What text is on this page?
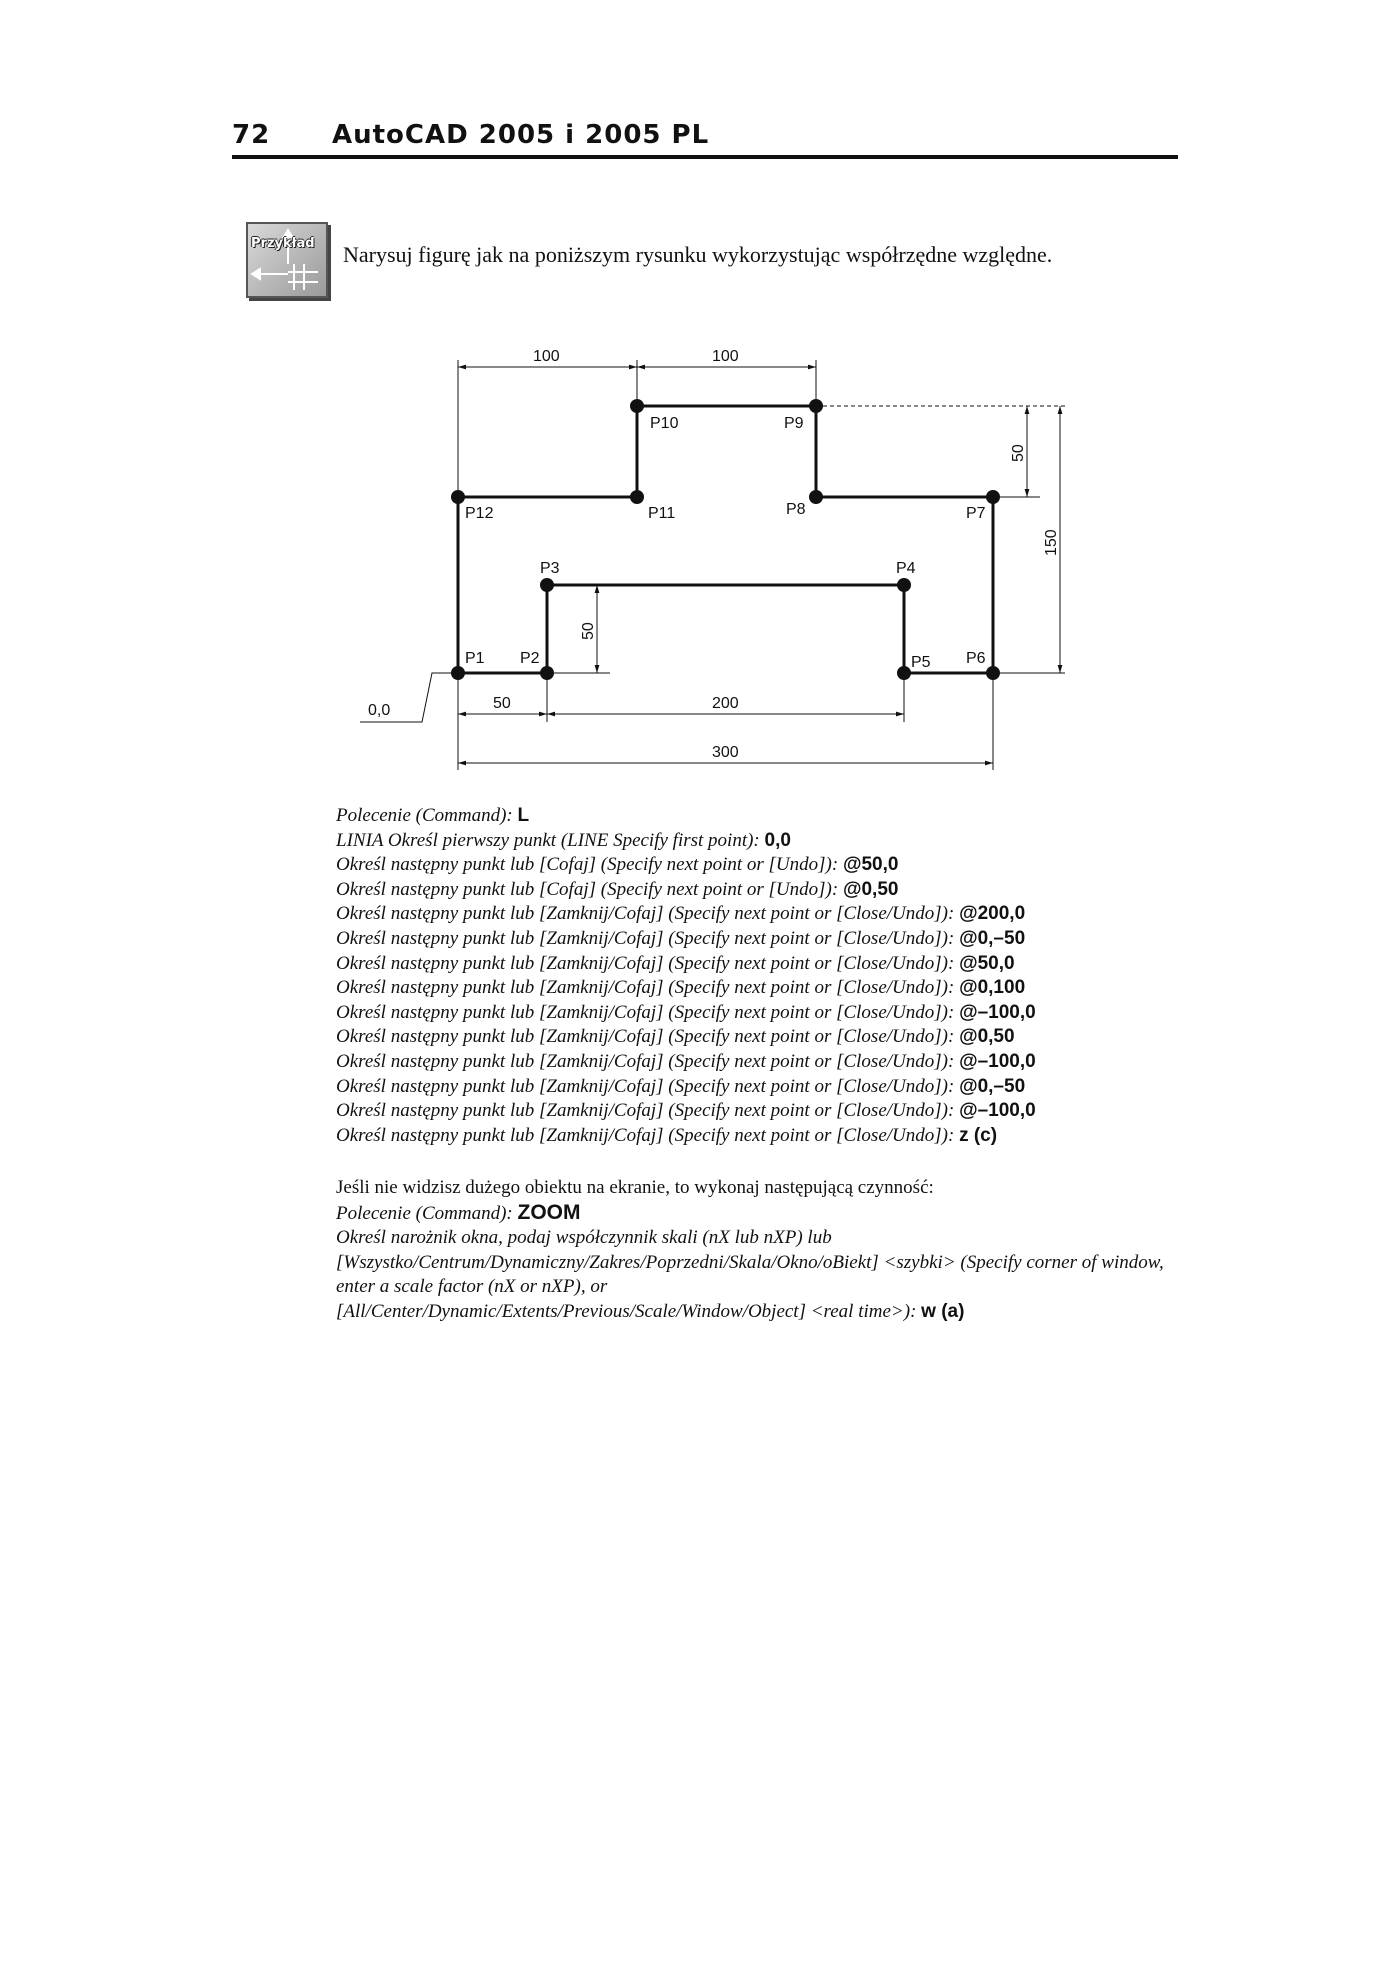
72 AutoCAD 2005 i 2005 PL
Przykład Narysuj figurę jak na poniższym rysunku wykorzystując współrzędne względne.
P1 P2
P3	P4
P5 P6
P7
P8
P9
P10
P11
P12
100	100
50
150
50
50	200
300
0,0
Polecenie (Command): L
LINIA Określ pierwszy punkt (LINE Specify first point): 0,0
Określ następny punkt lub [Cofaj] (Specify next point or [Undo]): @50,0
Określ następny punkt lub [Cofaj] (Specify next point or [Undo]): @0,50
Określ następny punkt lub [Zamknij/Cofaj] (Specify next point or [Close/Undo]): @200,0
Określ następny punkt lub [Zamknij/Cofaj] (Specify next point or [Close/Undo]): @0,–50
Określ następny punkt lub [Zamknij/Cofaj] (Specify next point or [Close/Undo]): @50,0
Określ następny punkt lub [Zamknij/Cofaj] (Specify next point or [Close/Undo]): @0,100
Określ następny punkt lub [Zamknij/Cofaj] (Specify next point or [Close/Undo]): @–100,0
Określ następny punkt lub [Zamknij/Cofaj] (Specify next point or [Close/Undo]): @0,50
Określ następny punkt lub [Zamknij/Cofaj] (Specify next point or [Close/Undo]): @–100,0
Określ następny punkt lub [Zamknij/Cofaj] (Specify next point or [Close/Undo]): @0,–50
Określ następny punkt lub [Zamknij/Cofaj] (Specify next point or [Close/Undo]): @–100,0
Określ następny punkt lub [Zamknij/Cofaj] (Specify next point or [Close/Undo]): z (c)

Jeśli nie widzisz dużego obiektu na ekranie, to wykonaj następującą czynność:

Polecenie (Command): ZOOM

Określ narożnik okna, podaj współczynnik skali (nX lub nXP) lub

[Wszystko/Centrum/Dynamiczny/Zakres/Poprzedni/Skala/Okno/oBiekt] <szybki> (Specify corner of window, enter a scale factor (nX or nXP), or

[All/Center/Dynamic/Extents/Previous/Scale/Window/Object] <real time>): w (a)
